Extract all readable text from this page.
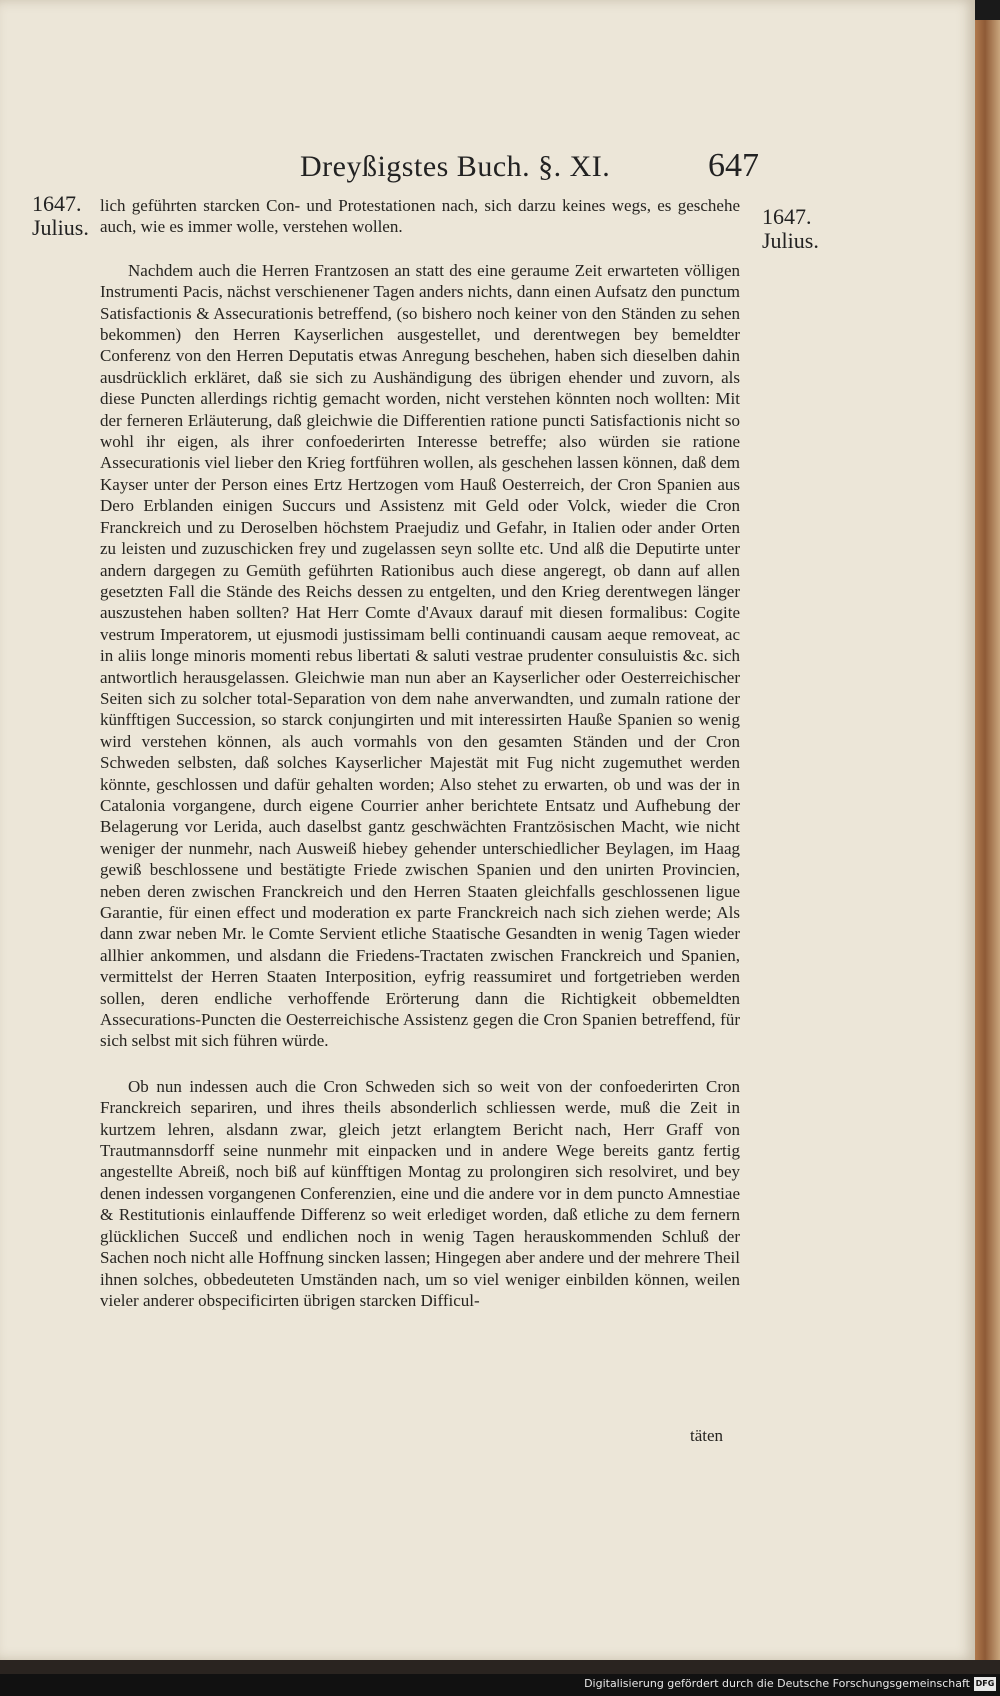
Dreyßigstes Buch. §. XI.	647
1647.
Julius.	1647.
Julius.

lich geführten starcken Con- und Protestationen nach, sich darzu keines wegs, es geschehe auch, wie es immer wolle, verstehen wollen.

Nachdem auch die Herren Frantzosen an statt des eine geraume Zeit erwarteten völligen Instrumenti Pacis, nächst verschienener Tagen anders nichts, dann einen Aufsatz den punctum Satisfactionis & Assecurationis betreffend, (so bishero noch keiner von den Ständen zu sehen bekommen) den Herren Kayserlichen ausgestellet, und derentwegen bey bemeldter Conferenz von den Herren Deputatis etwas Anregung beschehen, haben sich dieselben dahin ausdrücklich erkläret, daß sie sich zu Aushändigung des übrigen ehender und zuvorn, als diese Puncten allerdings richtig gemacht worden, nicht verstehen könnten noch wollten: Mit der ferneren Erläuterung, daß gleichwie die Differentien ratione puncti Satisfactionis nicht so wohl ihr eigen, als ihrer confoederirten Interesse betreffe; also würden sie ratione Assecurationis viel lieber den Krieg fortführen wollen, als geschehen lassen können, daß dem Kayser unter der Person eines Ertz Hertzogen vom Hauß Oesterreich, der Cron Spanien aus Dero Erblanden einigen Succurs und Assistenz mit Geld oder Volck, wieder die Cron Franckreich und zu Deroselben höchstem Praejudiz und Gefahr, in Italien oder ander Orten zu leisten und zuzuschicken frey und zugelassen seyn sollte etc. Und alß die Deputirte unter andern dargegen zu Gemüth geführten Rationibus auch diese angeregt, ob dann auf allen gesetzten Fall die Stände des Reichs dessen zu entgelten, und den Krieg derentwegen länger auszustehen haben sollten? Hat Herr Comte d'Avaux darauf mit diesen formalibus: Cogite vestrum Imperatorem, ut ejusmodi justissimam belli continuandi causam aeque removeat, ac in aliis longe minoris momenti rebus libertati & saluti vestrae prudenter consuluistis &c. sich antwortlich herausgelassen. Gleichwie man nun aber an Kayserlicher oder Oesterreichischer Seiten sich zu solcher total-Separation von dem nahe anverwandten, und zumaln ratione der künfftigen Succession, so starck conjungirten und mit interessirten Hauße Spanien so wenig wird verstehen können, als auch vormahls von den gesamten Ständen und der Cron Schweden selbsten, daß solches Kayserlicher Majestät mit Fug nicht zugemuthet werden könnte, geschlossen und dafür gehalten worden; Also stehet zu erwarten, ob und was der in Catalonia vorgangene, durch eigene Courrier anher berichtete Entsatz und Aufhebung der Belagerung vor Lerida, auch daselbst gantz geschwächten Frantzösischen Macht, wie nicht weniger der nunmehr, nach Ausweiß hiebey gehender unterschiedlicher Beylagen, im Haag gewiß beschlossene und bestätigte Friede zwischen Spanien und den unirten Provincien, neben deren zwischen Franckreich und den Herren Staaten gleichfalls geschlossenen ligue Garantie, für einen effect und moderation ex parte Franckreich nach sich ziehen werde; Als dann zwar neben Mr. le Comte Servient etliche Staatische Gesandten in wenig Tagen wieder allhier ankommen, und alsdann die Friedens-Tractaten zwischen Franckreich und Spanien, vermittelst der Herren Staaten Interposition, eyfrig reassumiret und fortgetrieben werden sollen, deren endliche verhoffende Erörterung dann die Richtigkeit obbemeldten Assecurations-Puncten die Oesterreichische Assistenz gegen die Cron Spanien betreffend, für sich selbst mit sich führen würde.

Ob nun indessen auch die Cron Schweden sich so weit von der confoederirten Cron Franckreich separiren, und ihres theils absonderlich schliessen werde, muß die Zeit in kurtzem lehren, alsdann zwar, gleich jetzt erlangtem Bericht nach, Herr Graff von Trautmannsdorff seine nunmehr mit einpacken und in andere Wege bereits gantz fertig angestellte Abreiß, noch biß auf künfftigen Montag zu prolongiren sich resolviret, und bey denen indessen vorgangenen Conferenzien, eine und die andere vor in dem puncto Amnestiae & Restitutionis einlauffende Differenz so weit erlediget worden, daß etliche zu dem fernern glücklichen Succeß und endlichen noch in wenig Tagen herauskommenden Schluß der Sachen noch nicht alle Hoffnung sincken lassen; Hingegen aber andere und der mehrere Theil ihnen solches, obbedeuteten Umständen nach, um so viel weniger einbilden können, weilen vieler anderer obspecificirten übrigen starcken Difficul-

täten
Digitalisierung gefördert durch die Deutsche Forschungsgemeinschaft DFG
